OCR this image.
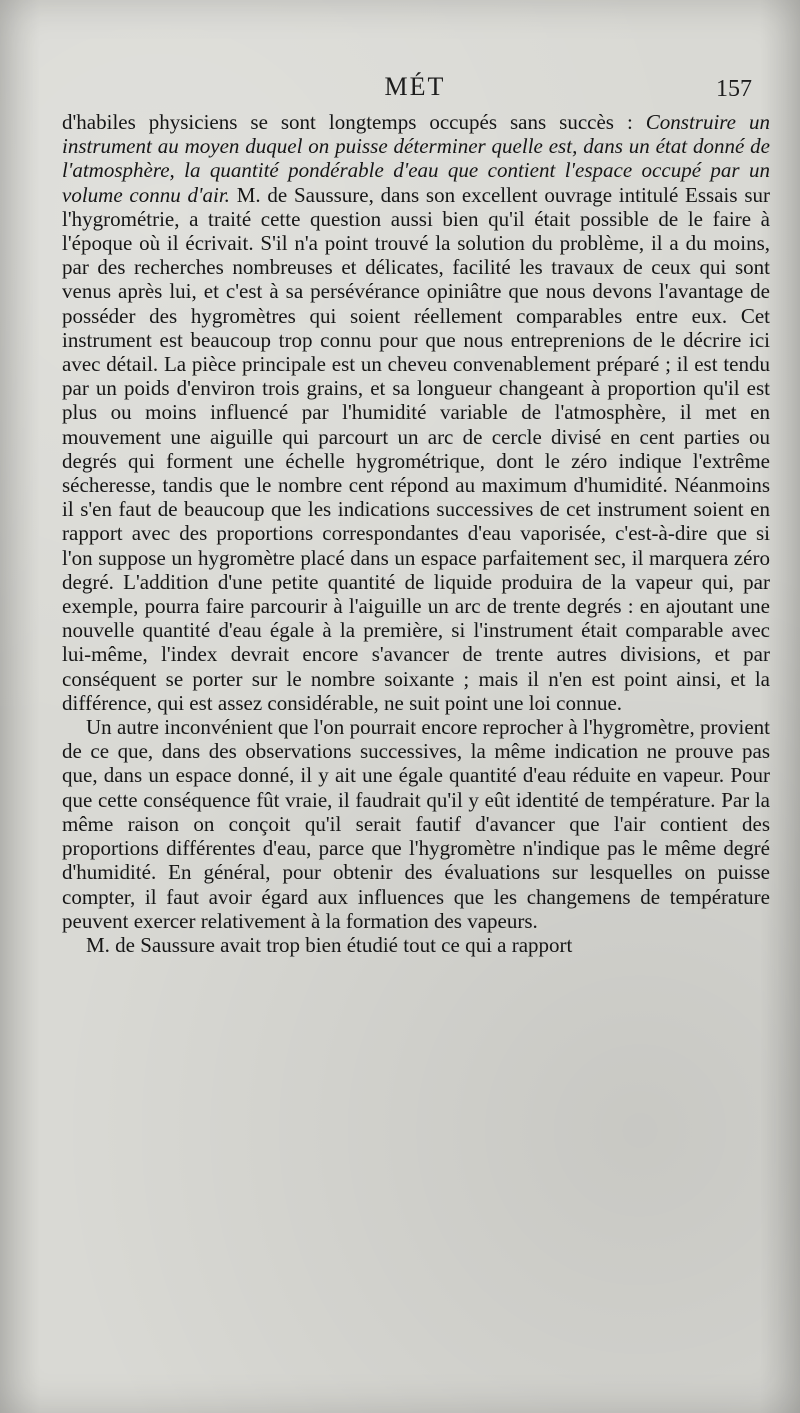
MÉT	157

d'habiles physiciens se sont longtemps occupés sans succès : Construire un instrument au moyen duquel on puisse déterminer quelle est, dans un état donné de l'atmosphère, la quantité pondérable d'eau que contient l'espace occupé par un volume connu d'air. M. de Saussure, dans son excellent ouvrage intitulé Essais sur l'hygrométrie, a traité cette question aussi bien qu'il était possible de le faire à l'époque où il écrivait. S'il n'a point trouvé la solution du problème, il a du moins, par des recherches nombreuses et délicates, facilité les travaux de ceux qui sont venus après lui, et c'est à sa persévérance opiniâtre que nous devons l'avantage de posséder des hygromètres qui soient réellement comparables entre eux. Cet instrument est beaucoup trop connu pour que nous entreprenions de le décrire ici avec détail. La pièce principale est un cheveu convenablement préparé ; il est tendu par un poids d'environ trois grains, et sa longueur changeant à proportion qu'il est plus ou moins influencé par l'humidité variable de l'atmosphère, il met en mouvement une aiguille qui parcourt un arc de cercle divisé en cent parties ou degrés qui forment une échelle hygrométrique, dont le zéro indique l'extrême sécheresse, tandis que le nombre cent répond au maximum d'humidité. Néanmoins il s'en faut de beaucoup que les indications successives de cet instrument soient en rapport avec des proportions correspondantes d'eau vaporisée, c'est-à-dire que si l'on suppose un hygromètre placé dans un espace parfaitement sec, il marquera zéro degré. L'addition d'une petite quantité de liquide produira de la vapeur qui, par exemple, pourra faire parcourir à l'aiguille un arc de trente degrés : en ajoutant une nouvelle quantité d'eau égale à la première, si l'instrument était comparable avec lui-même, l'index devrait encore s'avancer de trente autres divisions, et par conséquent se porter sur le nombre soixante ; mais il n'en est point ainsi, et la différence, qui est assez considérable, ne suit point une loi connue.

Un autre inconvénient que l'on pourrait encore reprocher à l'hygromètre, provient de ce que, dans des observations successives, la même indication ne prouve pas que, dans un espace donné, il y ait une égale quantité d'eau réduite en vapeur. Pour que cette conséquence fût vraie, il faudrait qu'il y eût identité de température. Par la même raison on conçoit qu'il serait fautif d'avancer que l'air contient des proportions différentes d'eau, parce que l'hygromètre n'indique pas le même degré d'humidité. En général, pour obtenir des évaluations sur lesquelles on puisse compter, il faut avoir égard aux influences que les changemens de température peuvent exercer relativement à la formation des vapeurs.

M. de Saussure avait trop bien étudié tout ce qui a rapport
